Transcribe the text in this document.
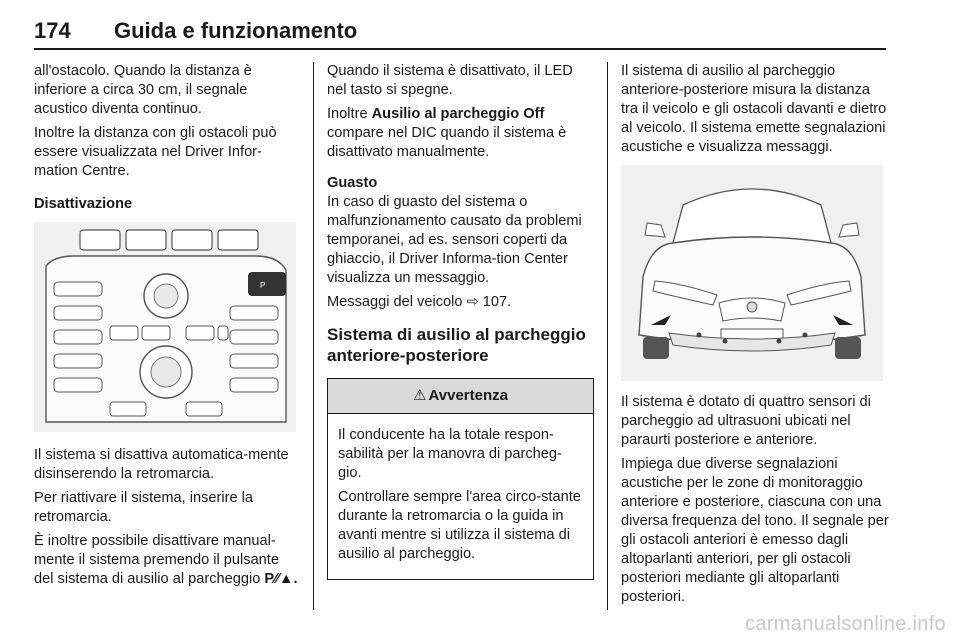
174 Guida e funzionamento

all'ostacolo. Quando la distanza è inferiore a circa 30 cm, il segnale acustico diventa continuo.

Inoltre la distanza con gli ostacoli può essere visualizzata nel Driver Infor-mation Centre.

Disattivazione
P

Il sistema si disattiva automatica-mente disinserendo la retromarcia.

Per riattivare il sistema, inserire la retromarcia.

È inoltre possibile disattivare manual-mente il sistema premendo il pulsante del sistema di ausilio al parcheggio P⁄⁄▲.

Quando il sistema è disattivato, il LED nel tasto si spegne.

Inoltre Ausilio al parcheggio Off compare nel DIC quando il sistema è disattivato manualmente.

Guasto

In caso di guasto del sistema o malfunzionamento causato da problemi temporanei, ad es. sensori coperti da ghiaccio, il Driver Informa-tion Center visualizza un messaggio.

Messaggi del veicolo ⇨ 107.

Sistema di ausilio al parcheggio anteriore-posteriore
⚠ Avvertenza

Il conducente ha la totale respon-sabilità per la manovra di parcheg-gio.

Controllare sempre l'area circo-stante durante la retromarcia o la guida in avanti mentre si utilizza il sistema di ausilio al parcheggio.

Il sistema di ausilio al parcheggio anteriore-posteriore misura la distanza tra il veicolo e gli ostacoli davanti e dietro al veicolo. Il sistema emette segnalazioni acustiche e visualizza messaggi.

Il sistema è dotato di quattro sensori di parcheggio ad ultrasuoni ubicati nel paraurti posteriore e anteriore.

Impiega due diverse segnalazioni acustiche per le zone di monitoraggio anteriore e posteriore, ciascuna con una diversa frequenza del tono. Il segnale per gli ostacoli anteriori è emesso dagli altoparlanti anteriori, per gli ostacoli posteriori mediante gli altoparlanti posteriori.

carmanualsonline.info
